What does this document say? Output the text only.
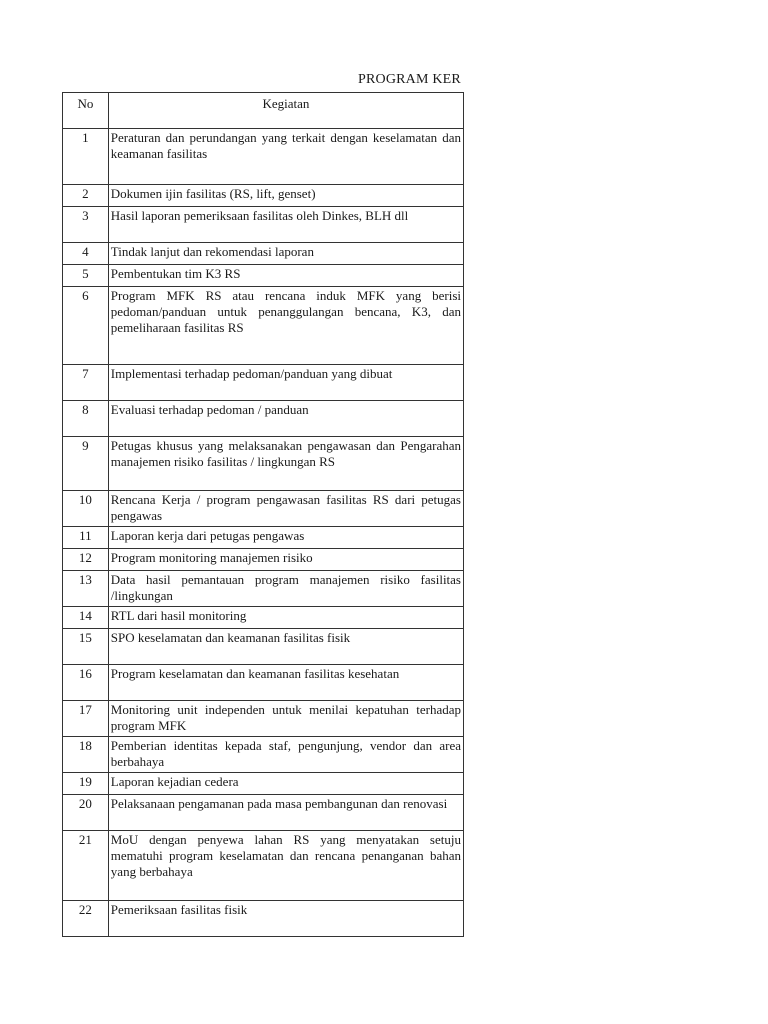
PROGRAM KER
No	Kegiatan
1	Peraturan dan perundangan yang terkait dengan keselamatan dan keamanan fasilitas
2	Dokumen ijin fasilitas (RS, lift, genset)
3	Hasil laporan pemeriksaan fasilitas oleh Dinkes, BLH dll
4	Tindak lanjut dan rekomendasi laporan
5	Pembentukan tim K3 RS
6	Program MFK RS atau rencana induk MFK yang berisi pedoman/panduan untuk penanggulangan bencana, K3, dan pemeliharaan fasilitas RS
7	Implementasi terhadap pedoman/panduan yang dibuat
8	Evaluasi terhadap pedoman / panduan
9	Petugas khusus yang melaksanakan pengawasan dan Pengarahan manajemen risiko fasilitas / lingkungan RS
10	Rencana Kerja / program pengawasan fasilitas RS dari petugas pengawas
11	Laporan kerja dari petugas pengawas
12	Program monitoring manajemen risiko
13	Data hasil pemantauan program manajemen risiko fasilitas /lingkungan
14	RTL dari hasil monitoring
15	SPO keselamatan dan keamanan fasilitas fisik
16	Program keselamatan dan keamanan fasilitas kesehatan
17	Monitoring unit independen untuk menilai kepatuhan terhadap program MFK
18	Pemberian identitas kepada staf, pengunjung, vendor dan area berbahaya
19	Laporan kejadian cedera
20	Pelaksanaan pengamanan pada masa pembangunan dan renovasi
21	MoU dengan penyewa lahan RS yang menyatakan setuju mematuhi program keselamatan dan rencana penanganan bahan yang berbahaya
22	Pemeriksaan fasilitas fisik
